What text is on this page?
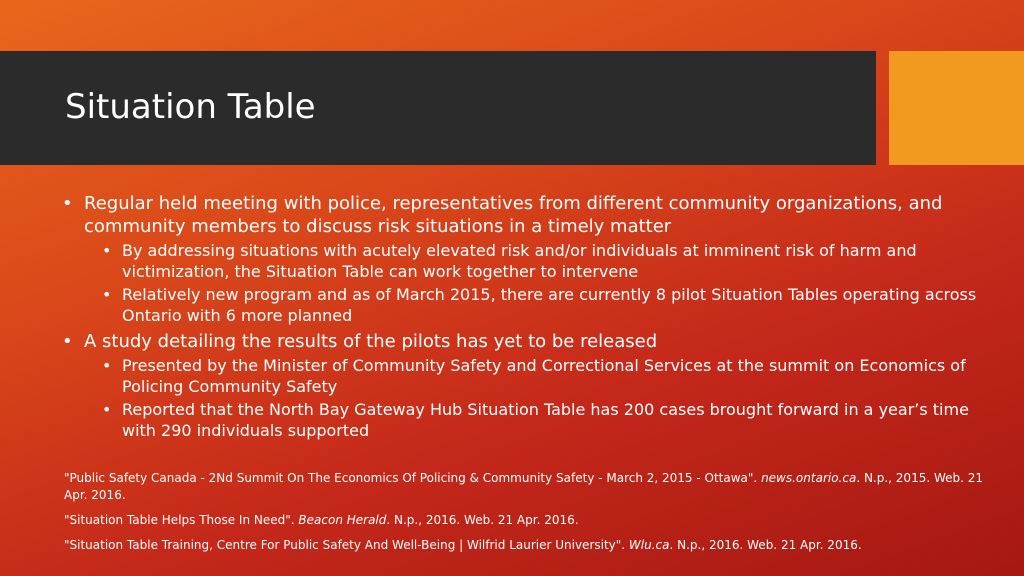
Situation Table
• Regular held meeting with police, representatives from different community organizations, and community members to discuss risk situations in a timely matter
• By addressing situations with acutely elevated risk and/or individuals at imminent risk of harm and victimization, the Situation Table can work together to intervene
• Relatively new program and as of March 2015, there are currently 8 pilot Situation Tables operating across Ontario with 6 more planned
• A study detailing the results of the pilots has yet to be released
• Presented by the Minister of Community Safety and Correctional Services at the summit on Economics of Policing Community Safety
• Reported that the North Bay Gateway Hub Situation Table has 200 cases brought forward in a year’s time with 290 individuals supported
"Public Safety Canada - 2Nd Summit On The Economics Of Policing & Community Safety - March 2, 2015 - Ottawa". news.ontario.ca. N.p., 2015. Web. 21 Apr. 2016.
"Situation Table Helps Those In Need". Beacon Herald. N.p., 2016. Web. 21 Apr. 2016.
"Situation Table Training, Centre For Public Safety And Well-Being | Wilfrid Laurier University". Wlu.ca. N.p., 2016. Web. 21 Apr. 2016.
